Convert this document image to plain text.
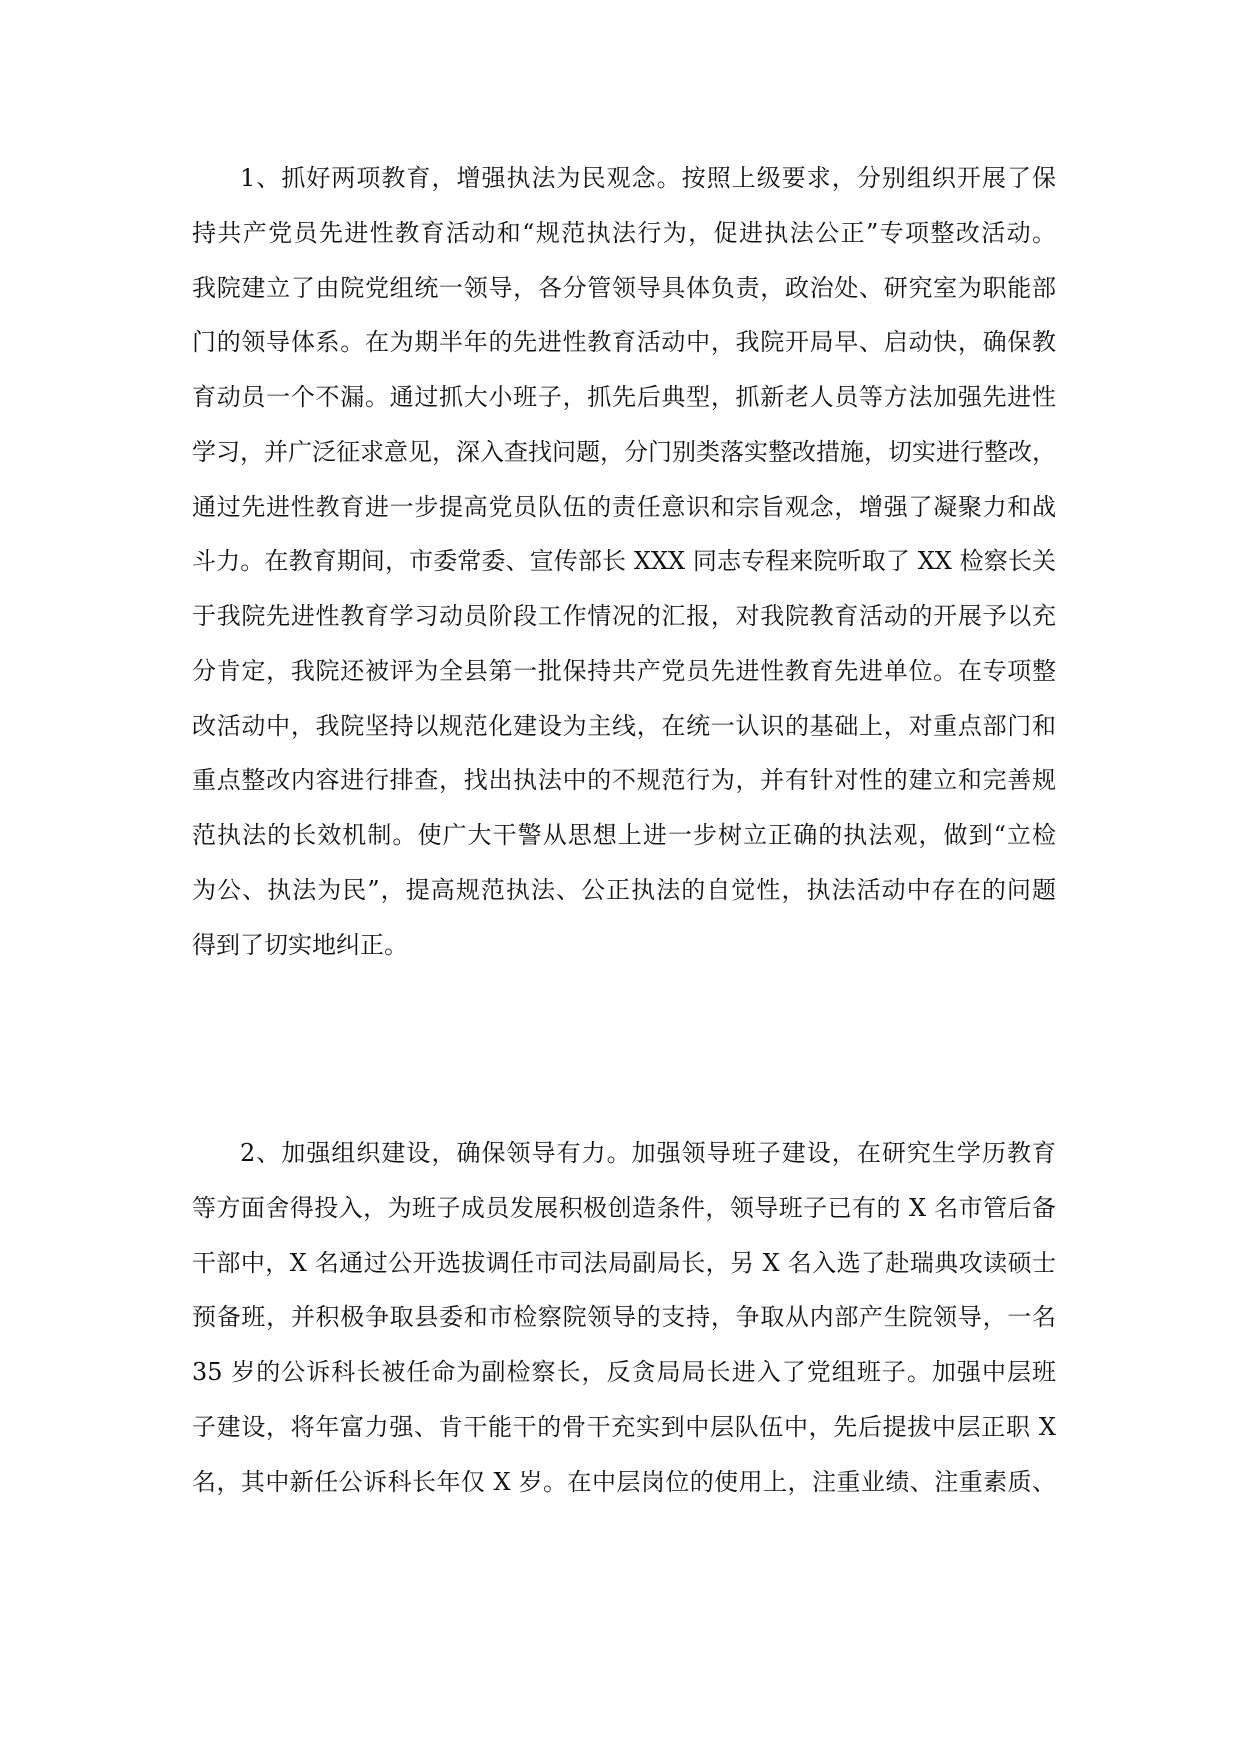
1、抓好两项教育，增强执法为民观念。按照上级要求，分别组织开展了保
持共产党员先进性教育活动和“规范执法行为，促进执法公正”专项整改活动。
我院建立了由院党组统一领导，各分管领导具体负责，政治处、研究室为职能部
门的领导体系。在为期半年的先进性教育活动中，我院开局早、启动快，确保教
育动员一个不漏。通过抓大小班子，抓先后典型，抓新老人员等方法加强先进性
学习，并广泛征求意见，深入查找问题，分门别类落实整改措施，切实进行整改，
通过先进性教育进一步提高党员队伍的责任意识和宗旨观念，增强了凝聚力和战
斗力。在教育期间，市委常委、宣传部长 XXX 同志专程来院听取了 XX 检察长关
于我院先进性教育学习动员阶段工作情况的汇报，对我院教育活动的开展予以充
分肯定，我院还被评为全县第一批保持共产党员先进性教育先进单位。在专项整
改活动中，我院坚持以规范化建设为主线，在统一认识的基础上，对重点部门和
重点整改内容进行排查，找出执法中的不规范行为，并有针对性的建立和完善规
范执法的长效机制。使广大干警从思想上进一步树立正确的执法观，做到“立检
为公、执法为民”，提高规范执法、公正执法的自觉性，执法活动中存在的问题
得到了切实地纠正。
2、加强组织建设，确保领导有力。加强领导班子建设，在研究生学历教育
等方面舍得投入，为班子成员发展积极创造条件，领导班子已有的 X 名市管后备
干部中，X 名通过公开选拔调任市司法局副局长，另 X 名入选了赴瑞典攻读硕士
预备班，并积极争取县委和市检察院领导的支持，争取从内部产生院领导，一名
35 岁的公诉科长被任命为副检察长，反贪局局长进入了党组班子。加强中层班
子建设，将年富力强、肯干能干的骨干充实到中层队伍中，先后提拔中层正职 X
名，其中新任公诉科长年仅 X 岁。在中层岗位的使用上，注重业绩、注重素质、
